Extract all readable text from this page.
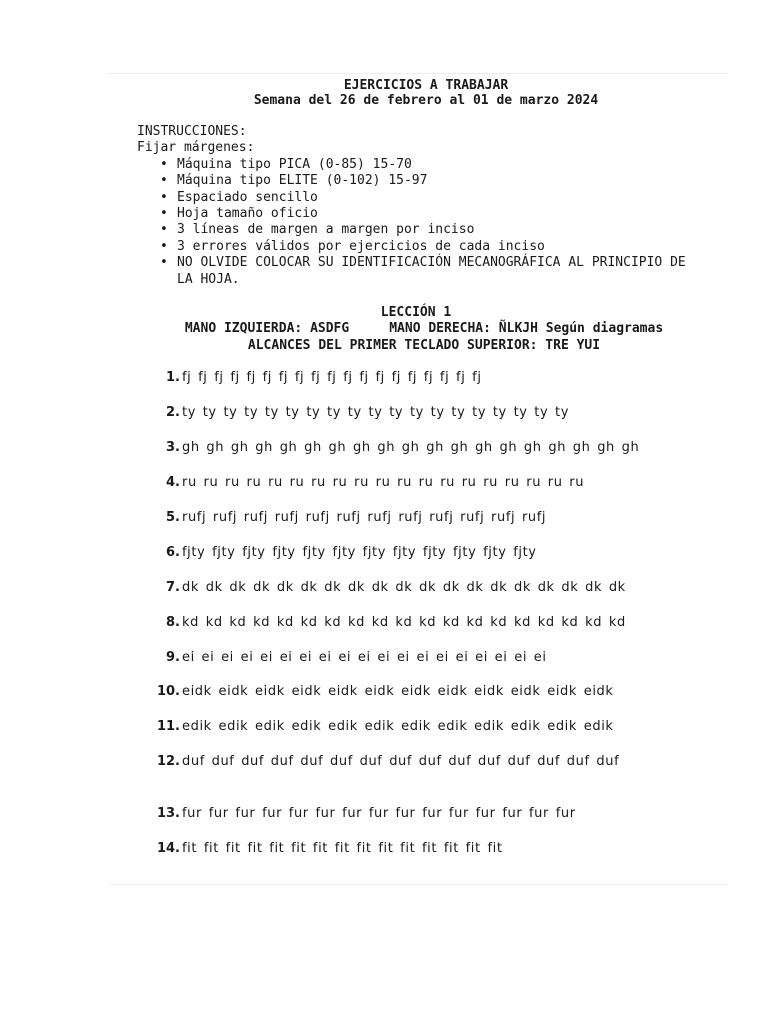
EJERCICIOS A TRABAJAR
Semana del 26 de febrero al 01 de marzo 2024
INSTRUCCIONES:
Fijar márgenes:
• Máquina tipo PICA (0-85) 15-70
• Máquina tipo ELITE (0-102) 15-97
• Espaciado sencillo
• Hoja tamaño oficio
• 3 líneas de margen a margen por inciso
• 3 errores válidos por ejercicios de cada inciso
• NO OLVIDE COLOCAR SU IDENTIFICACIÓN MECANOGRÁFICA AL PRINCIPIO DE
LA HOJA.
LECCIÓN 1
MANO IZQUIERDA: ASDFG	MANO DERECHA: ÑLKJH Según diagramas
ALCANCES DEL PRIMER TECLADO SUPERIOR: TRE YUI
1. fj fj fj fj fj fj fj fj fj fj fj fj fj fj fj fj fj fj fj
2. ty ty ty ty ty ty ty ty ty ty ty ty ty ty ty ty ty ty ty
3. gh gh gh gh gh gh gh gh gh gh gh gh gh gh gh gh gh gh gh
4. ru ru ru ru ru ru ru ru ru ru ru ru ru ru ru ru ru ru ru
5. rufj rufj rufj rufj rufj rufj rufj rufj rufj rufj rufj rufj
6. fjty fjty fjty fjty fjty fjty fjty fjty fjty fjty fjty fjty
7. dk dk dk dk dk dk dk dk dk dk dk dk dk dk dk dk dk dk dk
8. kd kd kd kd kd kd kd kd kd kd kd kd kd kd kd kd kd kd kd
9. ei ei ei ei ei ei ei ei ei ei ei ei ei ei ei ei ei ei ei
10. eidk eidk eidk eidk eidk eidk eidk eidk eidk eidk eidk eidk
11. edik edik edik edik edik edik edik edik edik edik edik edik
12. duf duf duf duf duf duf duf duf duf duf duf duf duf duf duf
13. fur fur fur fur fur fur fur fur fur fur fur fur fur fur fur
14. fit fit fit fit fit fit fit fit fit fit fit fit fit fit fit
